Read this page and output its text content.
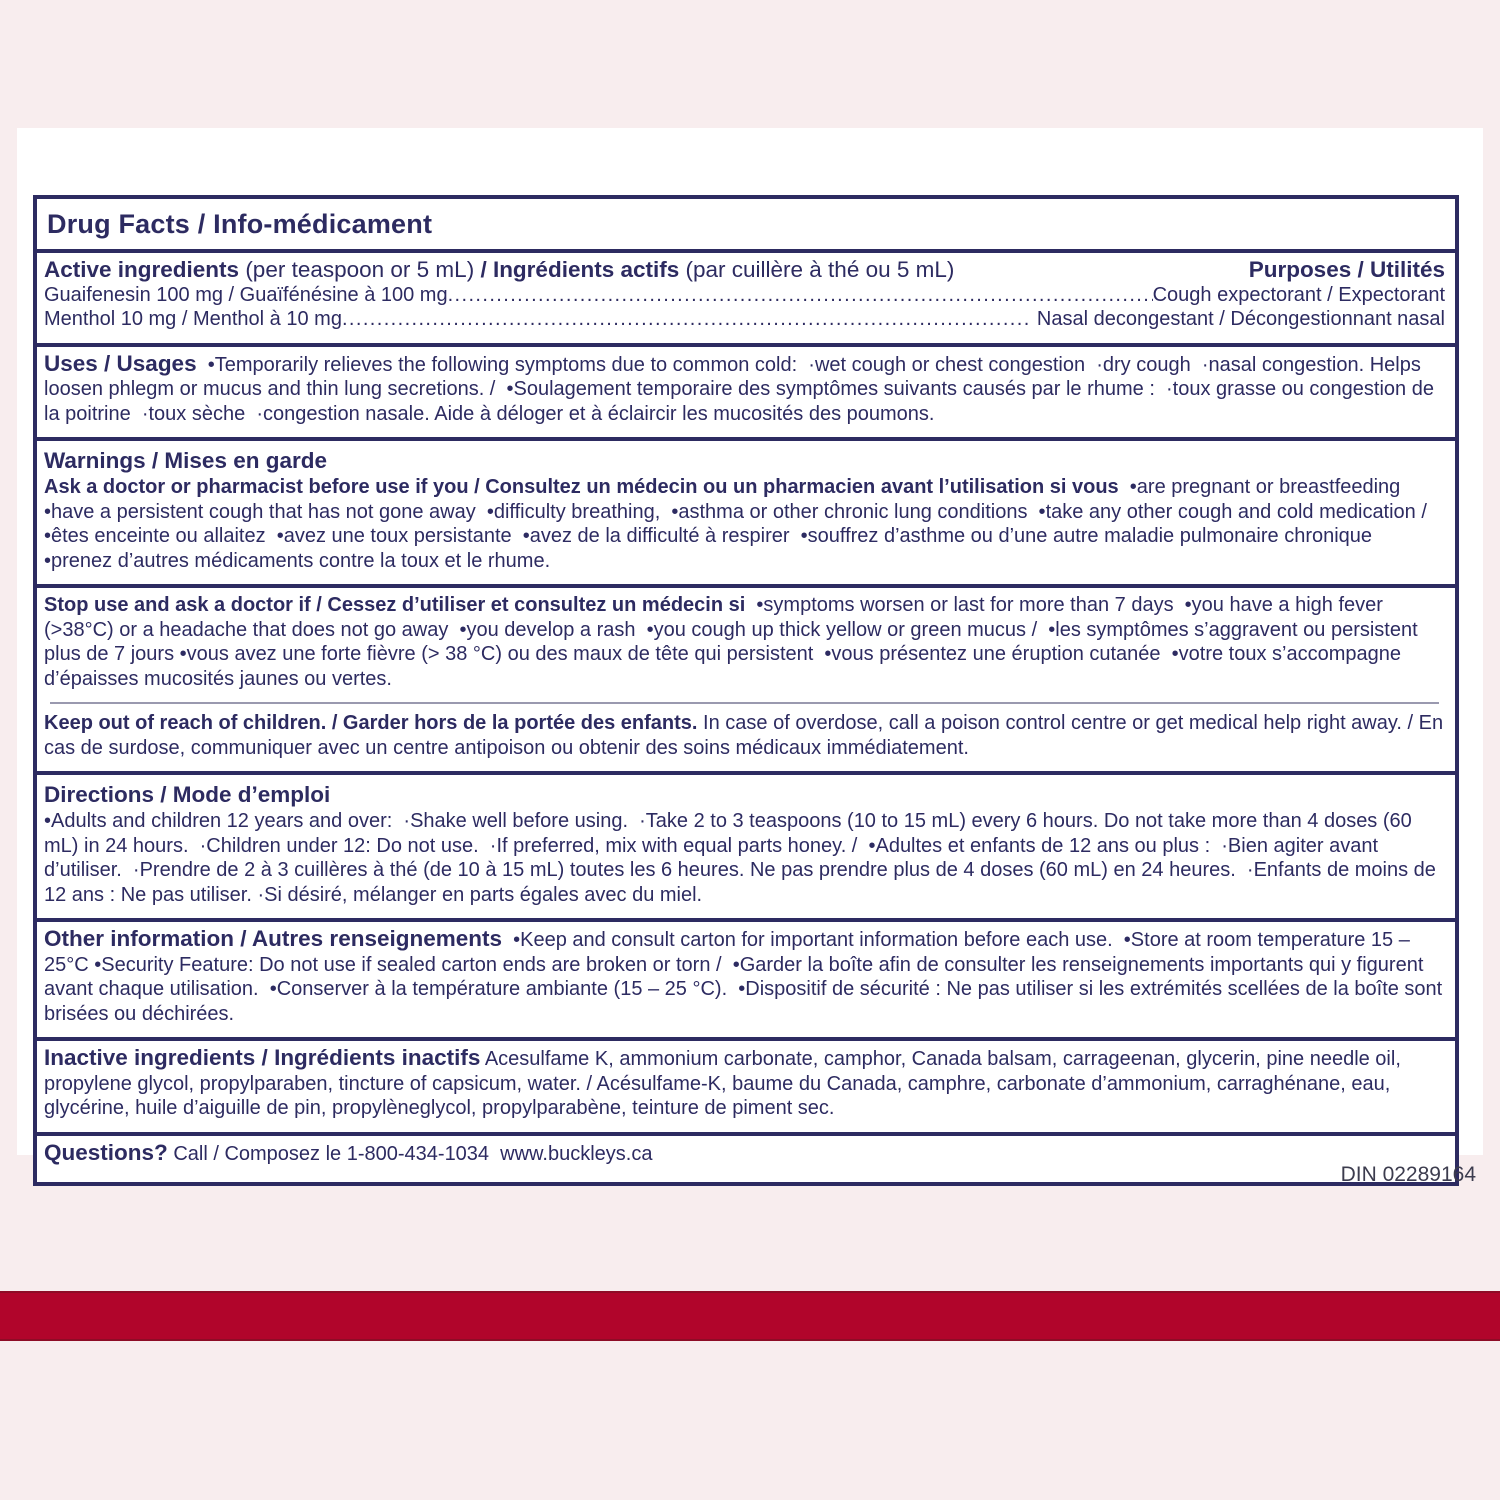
Drug Facts / Info-médicament
Active ingredients (per teaspoon or 5 mL) / Ingrédients actifs (par cuillère à thé ou 5 mL)	Purposes / Utilités
Guaifenesin 100 mg / Guaïfénésine à 100 mg .....	Cough expectorant / Expectorant
Menthol 10 mg / Menthol à 10 mg .....	Nasal decongestant / Décongestionnant nasal

Uses / Usages  •Temporarily relieves the following symptoms due to common cold:  ·wet cough or chest congestion  ·dry cough  ·nasal congestion. Helps loosen phlegm or mucus and thin lung secretions. /  •Soulagement temporaire des symptômes suivants causés par le rhume :  ·toux grasse ou congestion de la poitrine  ·toux sèche  ·congestion nasale. Aide à déloger et à éclaircir les mucosités des poumons.

Warnings / Mises en garde

Ask a doctor or pharmacist before use if you / Consultez un médecin ou un pharmacien avant l’utilisation si vous  •are pregnant or breastfeeding  •have a persistent cough that has not gone away  •difficulty breathing,  •asthma or other chronic lung conditions  •take any other cough and cold medication /  •êtes enceinte ou allaitez  •avez une toux persistante  •avez de la difficulté à respirer  •souffrez d’asthme ou d’une autre maladie pulmonaire chronique  •prenez d’autres médicaments contre la toux et le rhume.

Stop use and ask a doctor if / Cessez d’utiliser et consultez un médecin si  •symptoms worsen or last for more than 7 days  •you have a high fever (>38°C) or a headache that does not go away  •you develop a rash  •you cough up thick yellow or green mucus /  •les symptômes s’aggravent ou persistent plus de 7 jours •vous avez une forte fièvre (> 38 °C) ou des maux de tête qui persistent  •vous présentez une éruption cutanée  •votre toux s’accompagne d’épaisses mucosités jaunes ou vertes.

Keep out of reach of children. / Garder hors de la portée des enfants. In case of overdose, call a poison control centre or get medical help right away. / En cas de surdose, communiquer avec un centre antipoison ou obtenir des soins médicaux immédiatement.

Directions / Mode d’emploi

•Adults and children 12 years and over:  ·Shake well before using.  ·Take 2 to 3 teaspoons (10 to 15 mL) every 6 hours. Do not take more than 4 doses (60 mL) in 24 hours.  ·Children under 12: Do not use.  ·If preferred, mix with equal parts honey. /  •Adultes et enfants de 12 ans ou plus :  ·Bien agiter avant d’utiliser.  ·Prendre de 2 à 3 cuillères à thé (de 10 à 15 mL) toutes les 6 heures. Ne pas prendre plus de 4 doses (60 mL) en 24 heures.  ·Enfants de moins de 12 ans : Ne pas utiliser. ·Si désiré, mélanger en parts égales avec du miel.

Other information / Autres renseignements  •Keep and consult carton for important information before each use.  •Store at room temperature 15 – 25°C •Security Feature: Do not use if sealed carton ends are broken or torn /  •Garder la boîte afin de consulter les renseignements importants qui y figurent avant chaque utilisation.  •Conserver à la température ambiante (15 – 25 °C).  •Dispositif de sécurité : Ne pas utiliser si les extrémités scellées de la boîte sont brisées ou déchirées.

Inactive ingredients / Ingrédients inactifs Acesulfame K, ammonium carbonate, camphor, Canada balsam, carrageenan, glycerin, pine needle oil, propylene glycol, propylparaben, tincture of capsicum, water. / Acésulfame-K, baume du Canada, camphre, carbonate d’ammonium, carraghénane, eau, glycérine, huile d’aiguille de pin, propylèneglycol, propylparabène, teinture de piment sec.

Questions? Call / Composez le 1-800-434-1034  www.buckleys.ca

DIN 02289164
